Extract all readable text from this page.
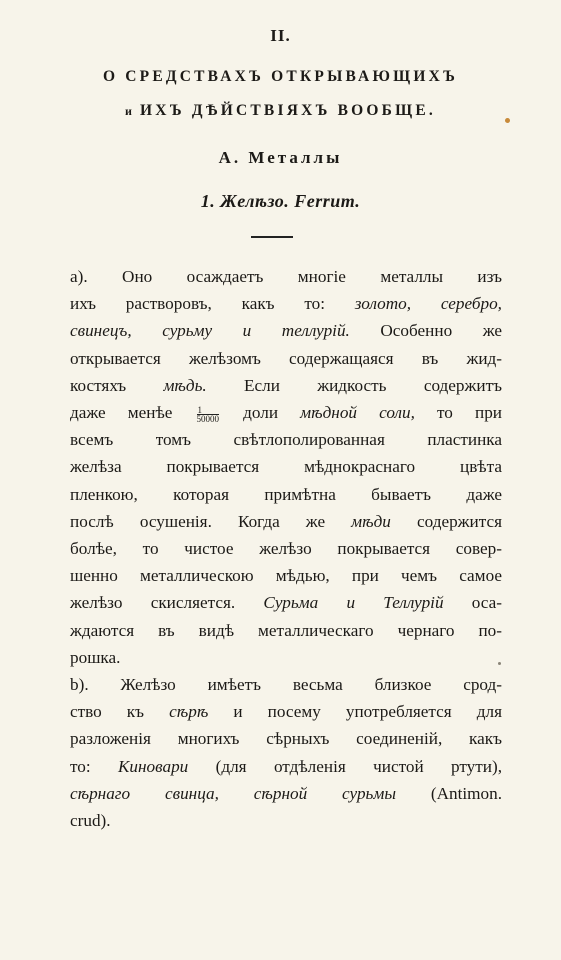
II.
О СРЕДСТВАХЪ ОТКРЫВАЮЩИХЪ
и ИХЪ ДѢЙСТВІЯХЪ ВООБЩЕ.
А. Металлы
1. Желѣзо. Ferrum.
a). Оно осаждаетъ многіе металлы изъ
ихъ растворовъ, какъ то: золото, серебро,
свинецъ, сурьму и теллурій. Особенно же
открывается желѣзомъ содержащаяся въ жид-
костяхъ мѣдь. Если жидкость содержитъ
даже менѣе $\frac{1}{50000}$ доли мѣдной соли, то при
всемъ томъ свѣтлополированная пластинка
желѣза покрывается мѣднокраснаго цвѣта
пленкою, которая примѣтна бываетъ даже
послѣ осушенія. Когда же мѣди содержится
болѣе, то чистое желѣзо покрывается совер-
шенно металлическою мѣдью, при чемъ самое
желѣзо скисляется. Сурьма и Теллурій оса-
ждаются въ видѣ металлическаго чернаго по-
рошка.
b). Желѣзо имѣетъ весьма близкое срод-
ство къ сѣрѣ и посему употребляется для
разложенія многихъ сѣрныхъ соединеній, какъ
то: Киновари (для отдѣленія чистой ртути),
сѣрнаго свинца, сѣрной сурьмы (Antimon.
crud).
